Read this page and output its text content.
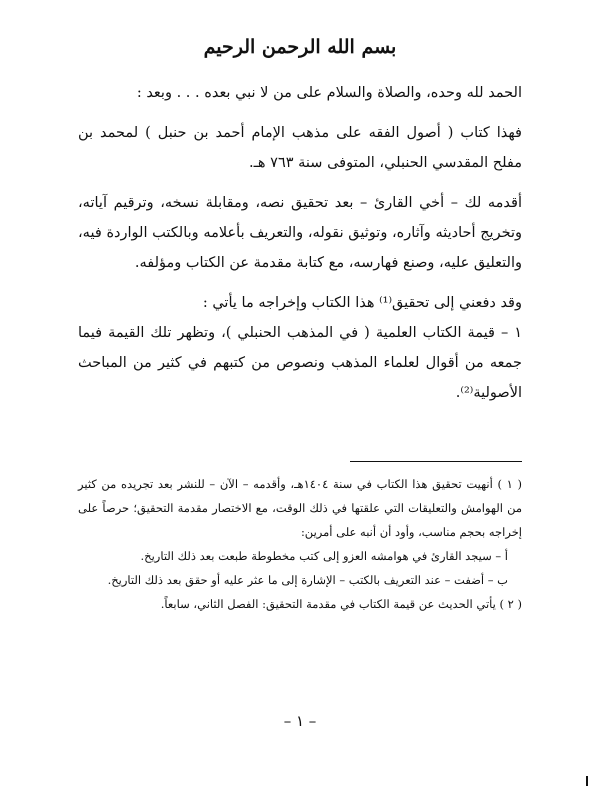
بسم الله الرحمن الرحيم

الحمد لله وحده، والصلاة والسلام على من لا نبي بعده . . . وبعد :

فهذا كتاب ( أصول الفقه على مذهب الإمام أحمد بن حنبل ) لمحمد بن مفلح المقدسي الحنبلي، المتوفى سنة ٧٦٣ هـ.

أقدمه لك – أخي القارئ – بعد تحقيق نصه، ومقابلة نسخه، وترقيم آياته، وتخريج أحاديثه وآثاره، وتوثيق نقوله، والتعريف بأعلامه وبالكتب الواردة فيه، والتعليق عليه، وصنع فهارسه، مع كتابة مقدمة عن الكتاب ومؤلفه.

وقد دفعني إلى تحقيق⁽¹⁾ هذا الكتاب وإخراجه ما يأتي :

١ – قيمة الكتاب العلمية ( في المذهب الحنبلي )، وتظهر تلك القيمة فيما جمعه من أقوال لعلماء المذهب ونصوص من كتبهم في كثير من المباحث الأصولية⁽²⁾.

( ١ ) أنهيت تحقيق هذا الكتاب في سنة ١٤٠٤هـ، وأقدمه – الآن – للنشر بعد تجريده من كثير من الهوامش والتعليقات التي علقتها في ذلك الوقت، مع الاختصار مقدمة التحقيق؛ حرصاً على إخراجه بحجم مناسب، وأود أن أنبه على أمرين:

أ – سيجد القارئ في هوامشه العزو إلى كتب مخطوطة طبعت بعد ذلك التاريخ.

ب – أضفت – عند التعريف بالكتب – الإشارة إلى ما عثر عليه أو حقق بعد ذلك التاريخ.

( ٢ ) يأتي الحديث عن قيمة الكتاب في مقدمة التحقيق: الفصل الثاني، سابعاً.

– ١ –
